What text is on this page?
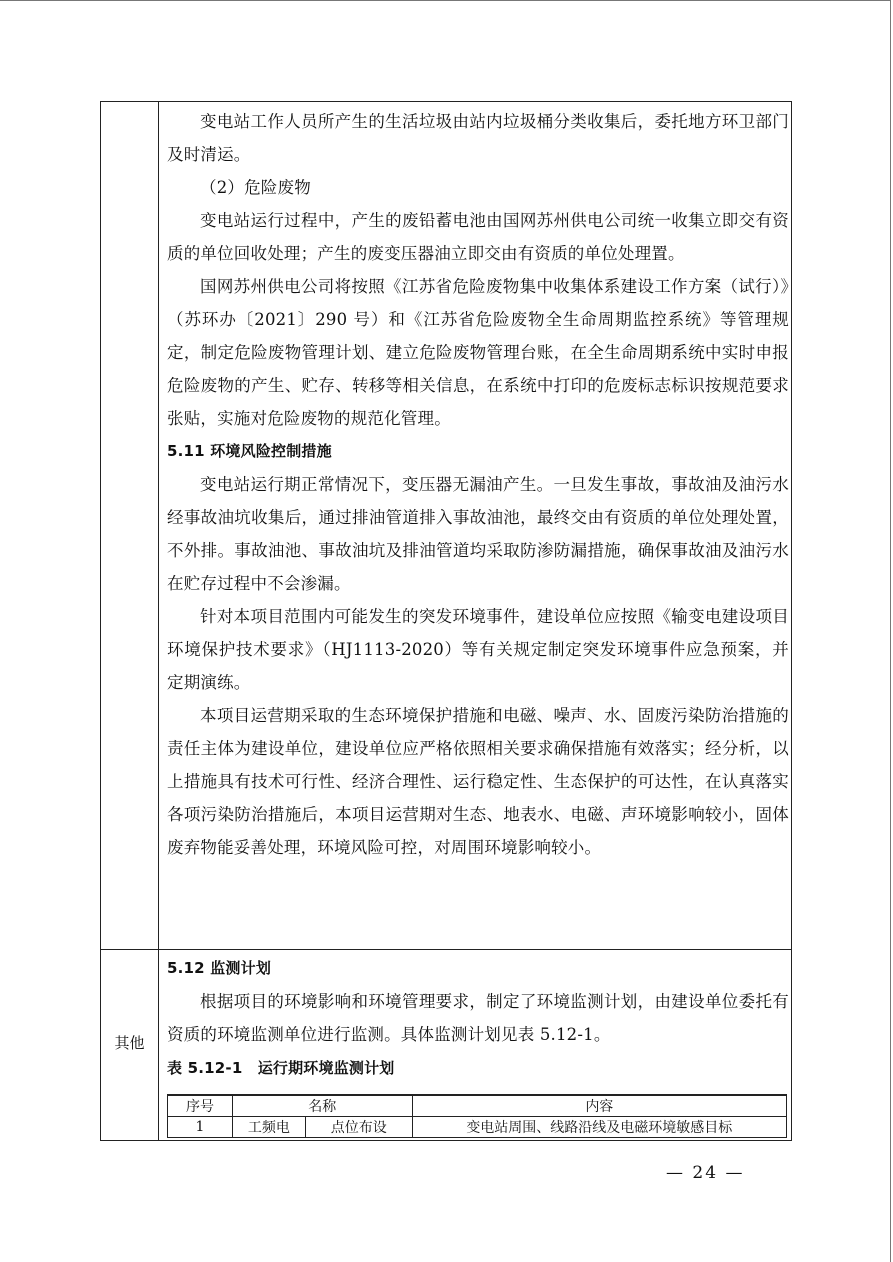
其他

变电站工作人员所产生的生活垃圾由站内垃圾桶分类收集后，委托地方环卫部门及时清运。

（2）危险废物

变电站运行过程中，产生的废铅蓄电池由国网苏州供电公司统一收集立即交有资质的单位回收处理；产生的废变压器油立即交由有资质的单位处理置。

国网苏州供电公司将按照《江苏省危险废物集中收集体系建设工作方案（试行）》（苏环办〔2021〕290 号）和《江苏省危险废物全生命周期监控系统》等管理规定，制定危险废物管理计划、建立危险废物管理台账，在全生命周期系统中实时申报危险废物的产生、贮存、转移等相关信息，在系统中打印的危废标志标识按规范要求张贴，实施对危险废物的规范化管理。

5.11 环境风险控制措施

变电站运行期正常情况下，变压器无漏油产生。一旦发生事故，事故油及油污水经事故油坑收集后，通过排油管道排入事故油池，最终交由有资质的单位处理处置，不外排。事故油池、事故油坑及排油管道均采取防渗防漏措施，确保事故油及油污水在贮存过程中不会渗漏。

针对本项目范围内可能发生的突发环境事件，建设单位应按照《输变电建设项目环境保护技术要求》（HJ1113-2020）等有关规定制定突发环境事件应急预案，并定期演练。

本项目运营期采取的生态环境保护措施和电磁、噪声、水、固废污染防治措施的责任主体为建设单位，建设单位应严格依照相关要求确保措施有效落实；经分析，以上措施具有技术可行性、经济合理性、运行稳定性、生态保护的可达性，在认真落实各项污染防治措施后，本项目运营期对生态、地表水、电磁、声环境影响较小，固体废弃物能妥善处理，环境风险可控，对周围环境影响较小。

5.12 监测计划

根据项目的环境影响和环境管理要求，制定了环境监测计划，由建设单位委托有资质的环境监测单位进行监测。具体监测计划见表 5.12-1。

表 5.12-1　运行期环境监测计划

序号	名称		内容
1	工频电	点位布设	变电站周围、线路沿线及电磁环境敏感目标
— 24 —
